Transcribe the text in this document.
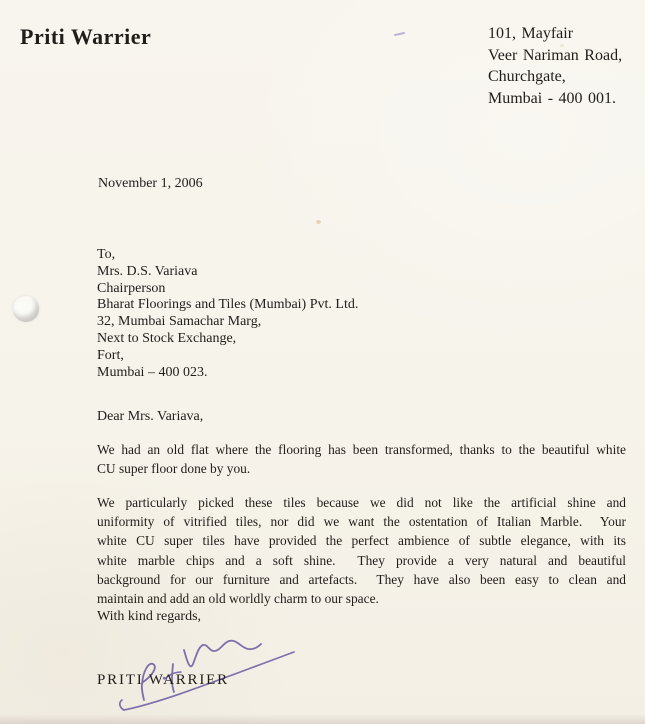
Priti Warrier	101, Mayfair
Veer Nariman Road,
Churchgate,
Mumbai - 400 001.
November 1, 2006
To,
Mrs. D.S. Variava
Chairperson
Bharat Floorings and Tiles (Mumbai) Pvt. Ltd.
32, Mumbai Samachar Marg,
Next to Stock Exchange,
Fort,
Mumbai – 400 023.
Dear Mrs. Variava,
We had an old flat where the flooring has been transformed, thanks to the beautiful white
CU super floor done by you.
We particularly picked these tiles because we did not like the artificial shine and
uniformity of vitrified tiles, nor did we want the ostentation of Italian Marble.  Your
white CU super tiles have provided the perfect ambience of subtle elegance, with its
white marble chips and a soft shine.  They provide a very natural and beautiful
background for our furniture and artefacts.  They have also been easy to clean and
maintain and add an old worldly charm to our space.
With kind regards,
PRITI WARRIER
